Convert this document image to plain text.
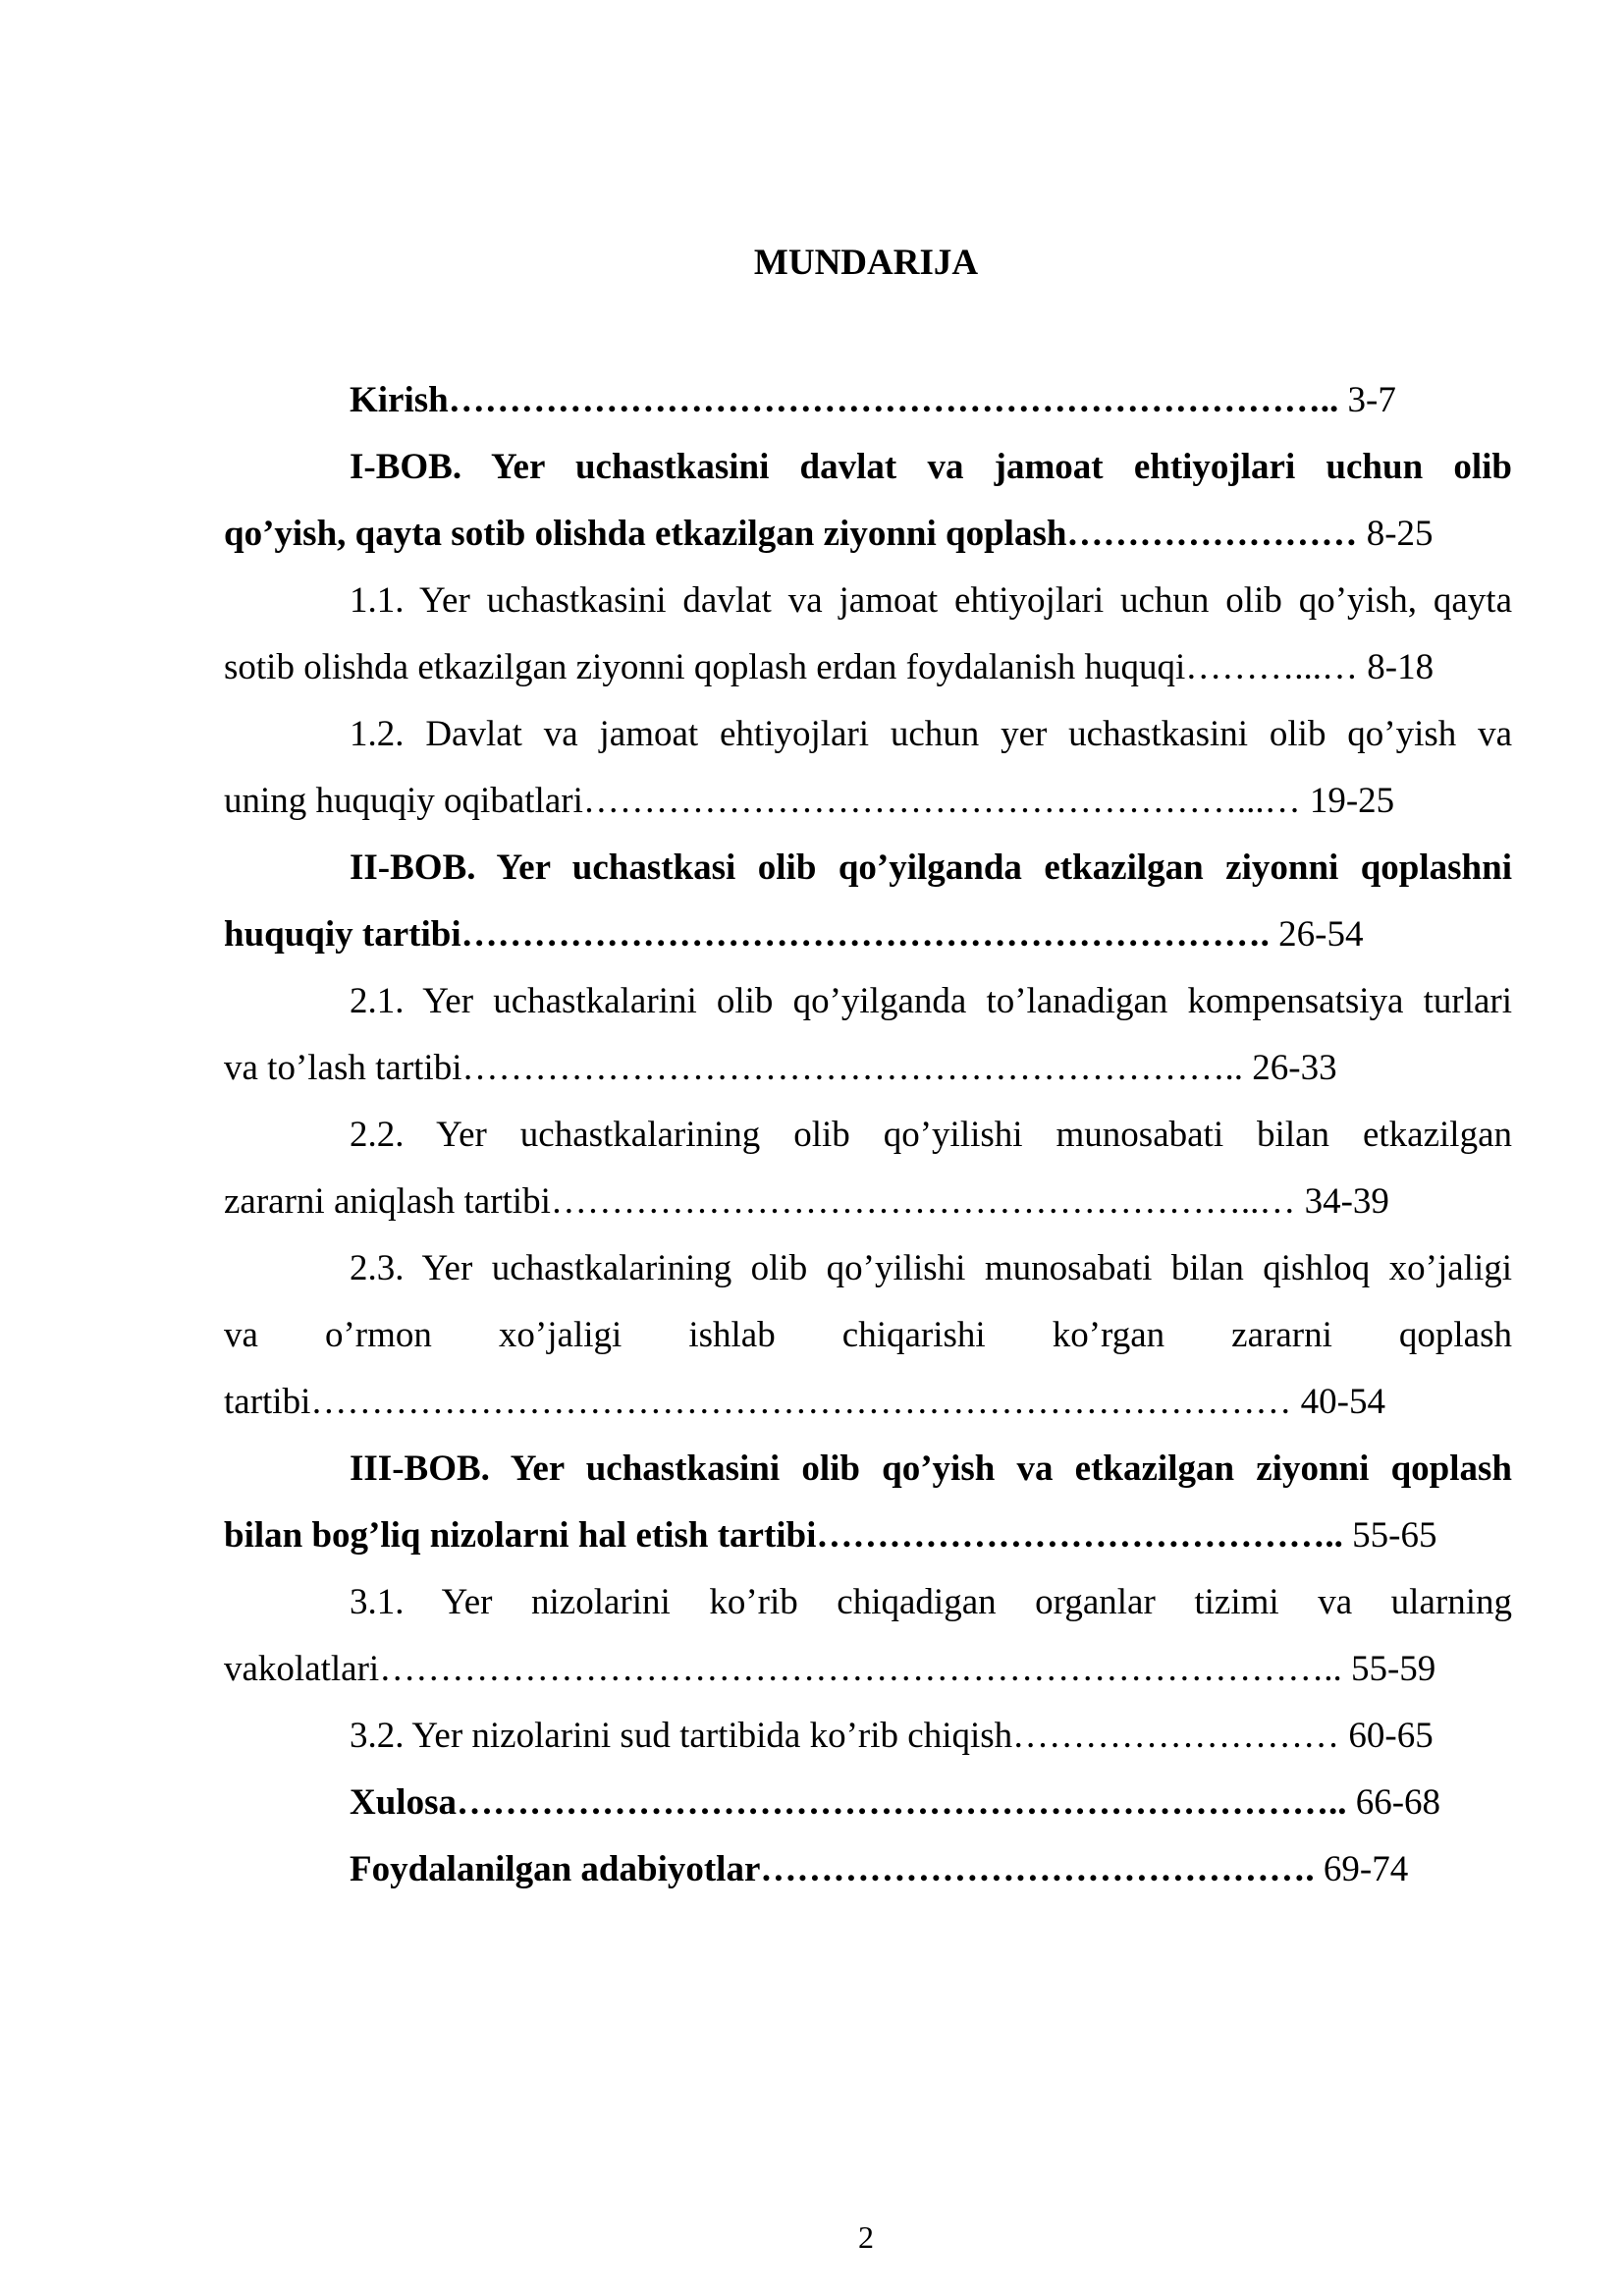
MUNDARIJA
Kirish……………………………………………………………….. 3-7
I-BOB. Yer uchastkasini davlat va jamoat ehtiyojlari uchun olib
qo’yish, qayta sotib olishda etkazilgan ziyonni qoplash…………………… 8-25
1.1. Yer uchastkasini davlat va jamoat ehtiyojlari uchun olib qo’yish, qayta
sotib olishda etkazilgan ziyonni qoplash erdan foydalanish huquqi………...… 8-18
1.2. Davlat va jamoat ehtiyojlari uchun yer uchastkasini olib qo’yish va
uning huquqiy oqibatlari………………………………………………...… 19-25
II-BOB. Yer uchastkasi olib qo’yilganda etkazilgan ziyonni qoplashni
huquqiy tartibi…………………………………………………………. 26-54
2.1. Yer uchastkalarini olib qo’yilganda to’lanadigan kompensatsiya turlari
va to’lash tartibi……………………………………………………….. 26-33
2.2. Yer uchastkalarining olib qo’yilishi munosabati bilan etkazilgan
zararni aniqlash tartibi…………………………………………………..… 34-39
2.3. Yer uchastkalarining olib qo’yilishi munosabati bilan qishloq xo’jaligi
va o’rmon xo’jaligi ishlab chiqarishi ko’rgan zararni qoplash
tartibi……………………………………………………………………… 40-54
III-BOB. Yer uchastkasini olib qo’yish va etkazilgan ziyonni qoplash
bilan bog’liq nizolarni hal etish tartibi…………………………………….. 55-65
3.1. Yer nizolarini ko’rib chiqadigan organlar tizimi va ularning
vakolatlari…………………………………………………………………….. 55-59
3.2. Yer nizolarini sud tartibida ko’rib chiqish……………………… 60-65
Xulosa……………………………………………………………….. 66-68
Foydalanilgan adabiyotlar………………………………………. 69-74
2
